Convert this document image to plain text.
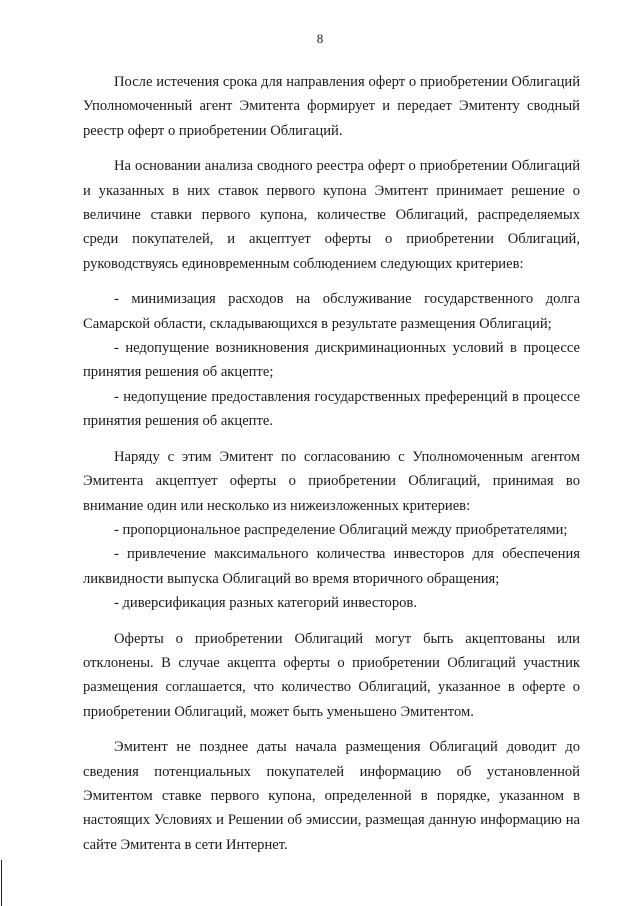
8

После истечения срока для направления оферт о приобретении Облигаций Уполномоченный агент Эмитента формирует и передает Эмитенту сводный реестр оферт о приобретении Облигаций.

На основании анализа сводного реестра оферт о приобретении Облигаций и указанных в них ставок первого купона Эмитент принимает решение о величине ставки первого купона, количестве Облигаций, распределяемых среди покупателей, и акцептует оферты о приобретении Облигаций, руководствуясь единовременным соблюдением следующих критериев:

- минимизация расходов на обслуживание государственного долга Самарской области, складывающихся в результате размещения Облигаций;

- недопущение возникновения дискриминационных условий в процессе принятия решения об акцепте;

- недопущение предоставления государственных преференций в процессе принятия решения об акцепте.

Наряду с этим Эмитент по согласованию с Уполномоченным агентом Эмитента акцептует оферты о приобретении Облигаций, принимая во внимание один или несколько из нижеизложенных критериев:

- пропорциональное распределение Облигаций между приобретателями;

- привлечение максимального количества инвесторов для обеспечения ликвидности выпуска Облигаций во время вторичного обращения;

- диверсификация разных категорий инвесторов.

Оферты о приобретении Облигаций могут быть акцептованы или отклонены. В случае акцепта оферты о приобретении Облигаций участник размещения соглашается, что количество Облигаций, указанное в оферте о приобретении Облигаций, может быть уменьшено Эмитентом.

Эмитент не позднее даты начала размещения Облигаций доводит до сведения потенциальных покупателей информацию об установленной Эмитентом ставке первого купона, определенной в порядке, указанном в настоящих Условиях и Решении об эмиссии, размещая данную информацию на сайте Эмитента в сети Интернет.
